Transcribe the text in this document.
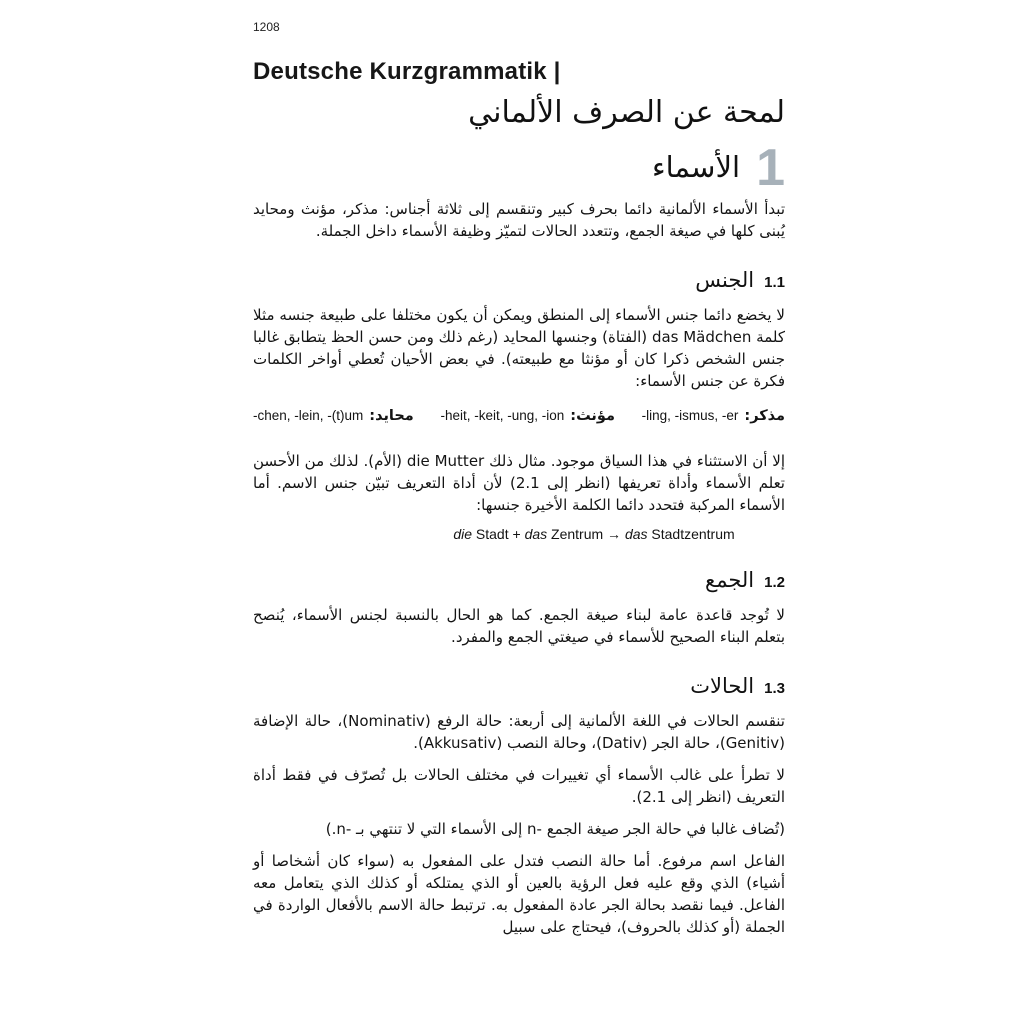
1208
Deutsche Kurzgrammatik |
لمحة عن الصرف الألماني
1
الأسماء

تبدأ الأسماء الألمانية دائما بحرف كبير وتنقسم إلى ثلاثة أجناس: مذكر، مؤنث ومحايد يُبنى كلها في صيغة الجمع، وتتعدد الحالات لتميّز وظيفة الأسماء داخل الجملة.

1.1
الجنس

لا يخضع دائما جنس الأسماء إلى المنطق ويمكن أن يكون مختلفا على طبيعة جنسه مثلا كلمة das Mädchen (الفتاة) وجنسها المحايد (رغم ذلك ومن حسن الحظ يتطابق غالبا جنس الشخص ذكرا كان أو مؤنثا مع طبيعته). في بعض الأحيان تُعطي أواخر الكلمات فكرة عن جنس الأسماء:

مذكر:-ling, -ismus, -er
مؤنث:-heit, -keit, -ung, -ion
محايد:-chen, -lein, -(t)um

إلا أن الاستثناء في هذا السياق موجود. مثال ذلك die Mutter (الأم). لذلك من الأحسن تعلم الأسماء وأداة تعريفها (انظر إلى 2.1) لأن أداة التعريف تبيّن جنس الاسم. أما الأسماء المركبة فتحدد دائما الكلمة الأخيرة جنسها:

die Stadt + das Zentrum → das Stadtzentrum
1.2
الجمع

لا تُوجد قاعدة عامة لبناء صيغة الجمع. كما هو الحال بالنسبة لجنس الأسماء، يُنصح بتعلم البناء الصحيح للأسماء في صيغتي الجمع والمفرد.

1.3
الحالات

تنقسم الحالات في اللغة الألمانية إلى أربعة: حالة الرفع (Nominativ)، حالة الإضافة (Genitiv)، حالة الجر (Dativ)، وحالة النصب (Akkusativ).

لا تطرأ على غالب الأسماء أي تغييرات في مختلف الحالات بل تُصرّف في فقط أداة التعريف (انظر إلى 2.1).

(تُضاف غالبا في حالة الجر صيغة الجمع -n إلى الأسماء التي لا تنتهي بـ -n.)

الفاعل اسم مرفوع. أما حالة النصب فتدل على المفعول به (سواء كان أشخاصا أو أشياء) الذي وقع عليه فعل الرؤية بالعين أو الذي يمتلكه أو كذلك الذي يتعامل معه الفاعل. فيما نقصد بحالة الجر عادة المفعول به. ترتبط حالة الاسم بالأفعال الواردة في الجملة (أو كذلك بالحروف)، فيحتاج على سبيل
